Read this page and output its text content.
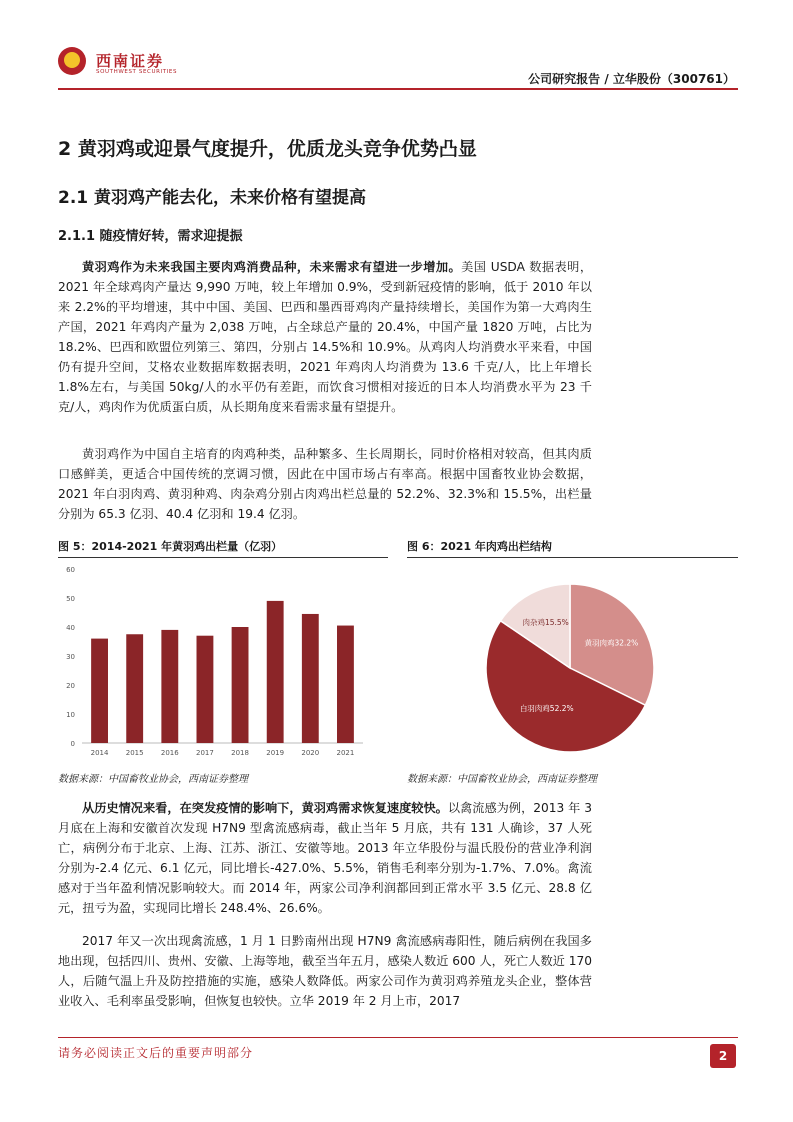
西南证券
SOUTHWEST SECURITIES	公司研究报告 / 立华股份（300761）
2 黄羽鸡或迎景气度提升，优质龙头竞争优势凸显
2.1 黄羽鸡产能去化，未来价格有望提高
2.1.1 随疫情好转，需求迎提振

黄羽鸡作为未来我国主要肉鸡消费品种，未来需求有望进一步增加。美国 USDA 数据表明，2021 年全球鸡肉产量达 9,990 万吨，较上年增加 0.9%，受到新冠疫情的影响，低于 2010 年以来 2.2%的平均增速，其中中国、美国、巴西和墨西哥鸡肉产量持续增长，美国作为第一大鸡肉生产国，2021 年鸡肉产量为 2,038 万吨，占全球总产量的 20.4%，中国产量 1820 万吨，占比为 18.2%、巴西和欧盟位列第三、第四，分别占 14.5%和 10.9%。从鸡肉人均消费水平来看，中国仍有提升空间，艾格农业数据库数据表明，2021 年鸡肉人均消费为 13.6 千克/人，比上年增长 1.8%左右，与美国 50kg/人的水平仍有差距，而饮食习惯相对接近的日本人均消费水平为 23 千克/人，鸡肉作为优质蛋白质，从长期角度来看需求量有望提升。

黄羽鸡作为中国自主培育的肉鸡种类，品种繁多、生长周期长，同时价格相对较高，但其肉质口感鲜美，更适合中国传统的烹调习惯，因此在中国市场占有率高。根据中国畜牧业协会数据，2021 年白羽肉鸡、黄羽种鸡、肉杂鸡分别占肉鸡出栏总量的 52.2%、32.3%和 15.5%，出栏量分别为 65.3 亿羽、40.4 亿羽和 19.4 亿羽。

图 5：2014-2021 年黄羽鸡出栏量（亿羽）
0
10
20
30
40
50
60
2014 2015 2016 2017 2018 2019 2020 2021
数据来源：中国畜牧业协会，西南证券整理
图 6：2021 年肉鸡出栏结构
黄羽肉鸡32.2%
白羽肉鸡52.2%
肉杂鸡15.5%
数据来源：中国畜牧业协会，西南证券整理

从历史情况来看，在突发疫情的影响下，黄羽鸡需求恢复速度较快。以禽流感为例，2013 年 3 月底在上海和安徽首次发现 H7N9 型禽流感病毒，截止当年 5 月底，共有 131 人确诊，37 人死亡，病例分布于北京、上海、江苏、浙江、安徽等地。2013 年立华股份与温氏股份的营业净利润分别为-2.4 亿元、6.1 亿元，同比增长-427.0%、5.5%，销售毛利率分别为-1.7%、7.0%。禽流感对于当年盈利情况影响较大。而 2014 年，两家公司净利润都回到正常水平 3.5 亿元、28.8 亿元，扭亏为盈，实现同比增长 248.4%、26.6%。

2017 年又一次出现禽流感，1 月 1 日黔南州出现 H7N9 禽流感病毒阳性，随后病例在我国多地出现，包括四川、贵州、安徽、上海等地，截至当年五月，感染人数近 600 人，死亡人数近 170 人，后随气温上升及防控措施的实施，感染人数降低。两家公司作为黄羽鸡养殖龙头企业，整体营业收入、毛利率虽受影响，但恢复也较快。立华 2019 年 2 月上市，2017

请务必阅读正文后的重要声明部分	2
